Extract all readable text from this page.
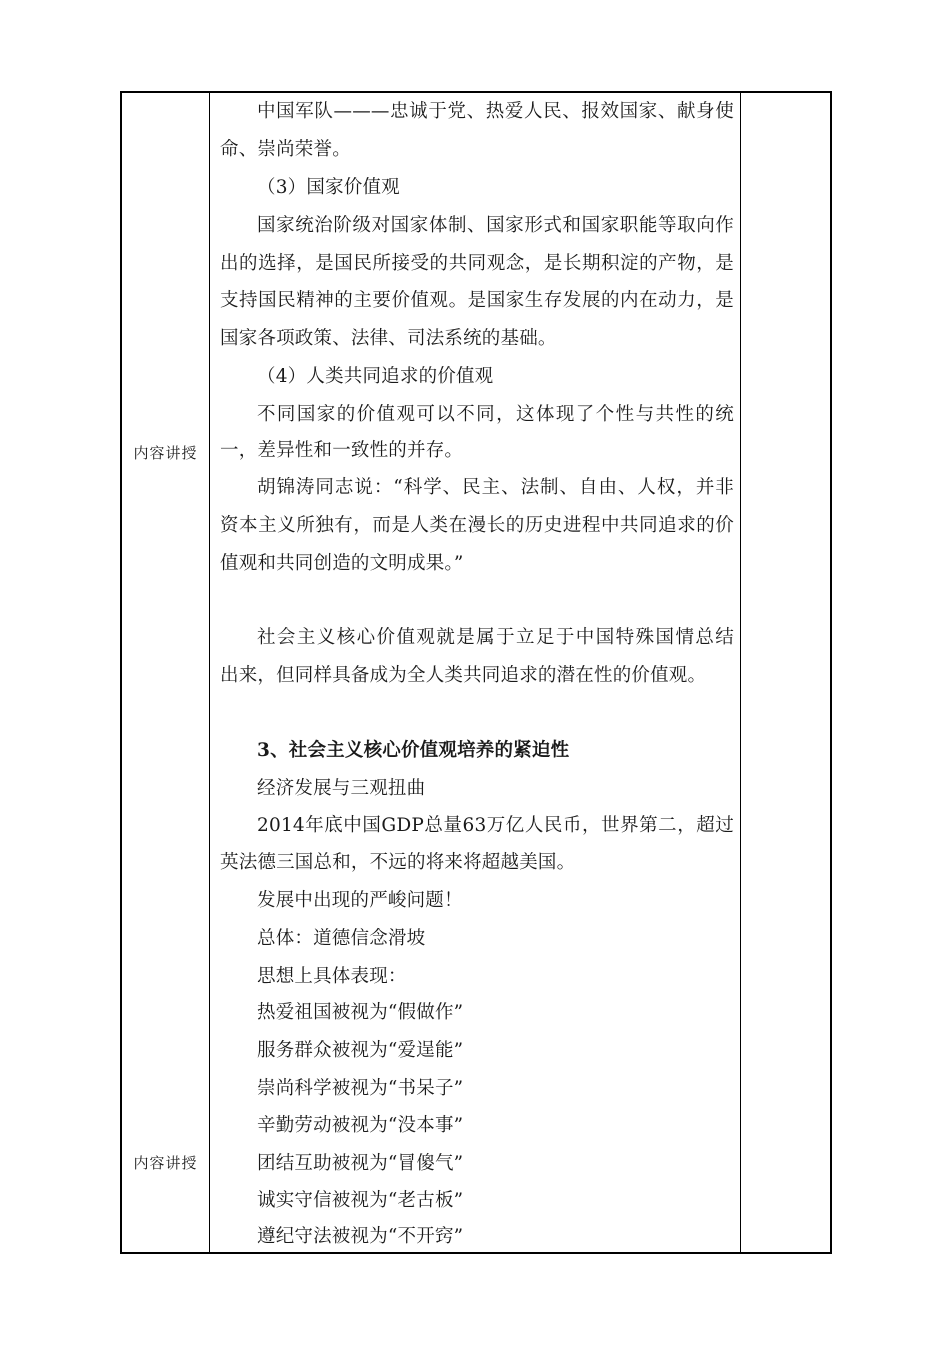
内容讲授
内容讲授
中国军队———忠诚于党、热爱人民、报效国家、献身使
命、崇尚荣誉。
（3）国家价值观
国家统治阶级对国家体制、国家形式和国家职能等取向作
出的选择，是国民所接受的共同观念，是长期积淀的产物，是
支持国民精神的主要价值观。是国家生存发展的内在动力，是
国家各项政策、法律、司法系统的基础。
（4）人类共同追求的价值观
不同国家的价值观可以不同，这体现了个性与共性的统
一，差异性和一致性的并存。
胡锦涛同志说：“科学、民主、法制、自由、人权，并非
资本主义所独有，而是人类在漫长的历史进程中共同追求的价
值观和共同创造的文明成果。”
社会主义核心价值观就是属于立足于中国特殊国情总结
出来，但同样具备成为全人类共同追求的潜在性的价值观。
3、社会主义核心价值观培养的紧迫性
经济发展与三观扭曲
2014年底中国GDP总量63万亿人民币，世界第二，超过
英法德三国总和，不远的将来将超越美国。
发展中出现的严峻问题！
总体：道德信念滑坡
思想上具体表现：
热爱祖国被视为“假做作”
服务群众被视为“爱逞能”
崇尚科学被视为“书呆子”
辛勤劳动被视为“没本事”
团结互助被视为“冒傻气”
诚实守信被视为“老古板”
遵纪守法被视为“不开窍”
